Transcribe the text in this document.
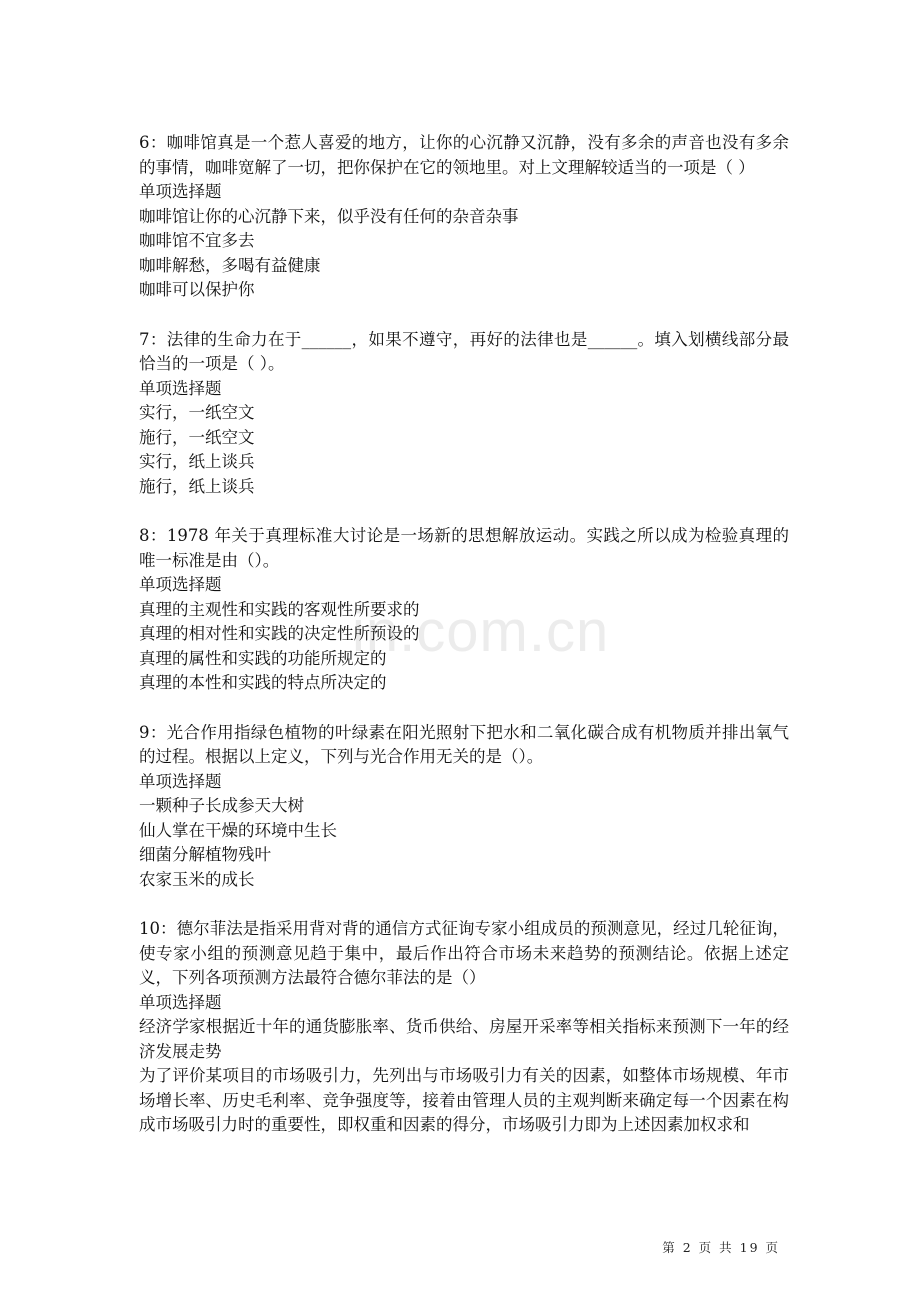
in.com.cn

6：咖啡馆真是一个惹人喜爱的地方，让你的心沉静又沉静，没有多余的声音也没有多余的事情，咖啡宽解了一切，把你保护在它的领地里。对上文理解较适当的一项是（ ）

单项选择题

咖啡馆让你的心沉静下来，似乎没有任何的杂音杂事

咖啡馆不宜多去

咖啡解愁，多喝有益健康

咖啡可以保护你

7：法律的生命力在于______，如果不遵守，再好的法律也是______。填入划横线部分最恰当的一项是（ ）。

单项选择题

实行，一纸空文

施行，一纸空文

实行，纸上谈兵

施行，纸上谈兵

8：1978 年关于真理标准大讨论是一场新的思想解放运动。实践之所以成为检验真理的唯一标准是由（）。

单项选择题

真理的主观性和实践的客观性所要求的

真理的相对性和实践的决定性所预设的

真理的属性和实践的功能所规定的

真理的本性和实践的特点所决定的

9：光合作用指绿色植物的叶绿素在阳光照射下把水和二氧化碳合成有机物质并排出氧气的过程。根据以上定义，下列与光合作用无关的是（）。

单项选择题

一颗种子长成参天大树

仙人掌在干燥的环境中生长

细菌分解植物残叶

农家玉米的成长

10：德尔菲法是指采用背对背的通信方式征询专家小组成员的预测意见，经过几轮征询，使专家小组的预测意见趋于集中，最后作出符合市场未来趋势的预测结论。依据上述定义，下列各项预测方法最符合德尔菲法的是（）

单项选择题

经济学家根据近十年的通货膨胀率、货币供给、房屋开采率等相关指标来预测下一年的经济发展走势

为了评价某项目的市场吸引力，先列出与市场吸引力有关的因素，如整体市场规模、年市场增长率、历史毛利率、竞争强度等，接着由管理人员的主观判断来确定每一个因素在构成市场吸引力时的重要性，即权重和因素的得分，市场吸引力即为上述因素加权求和

第 2 页 共 19 页
